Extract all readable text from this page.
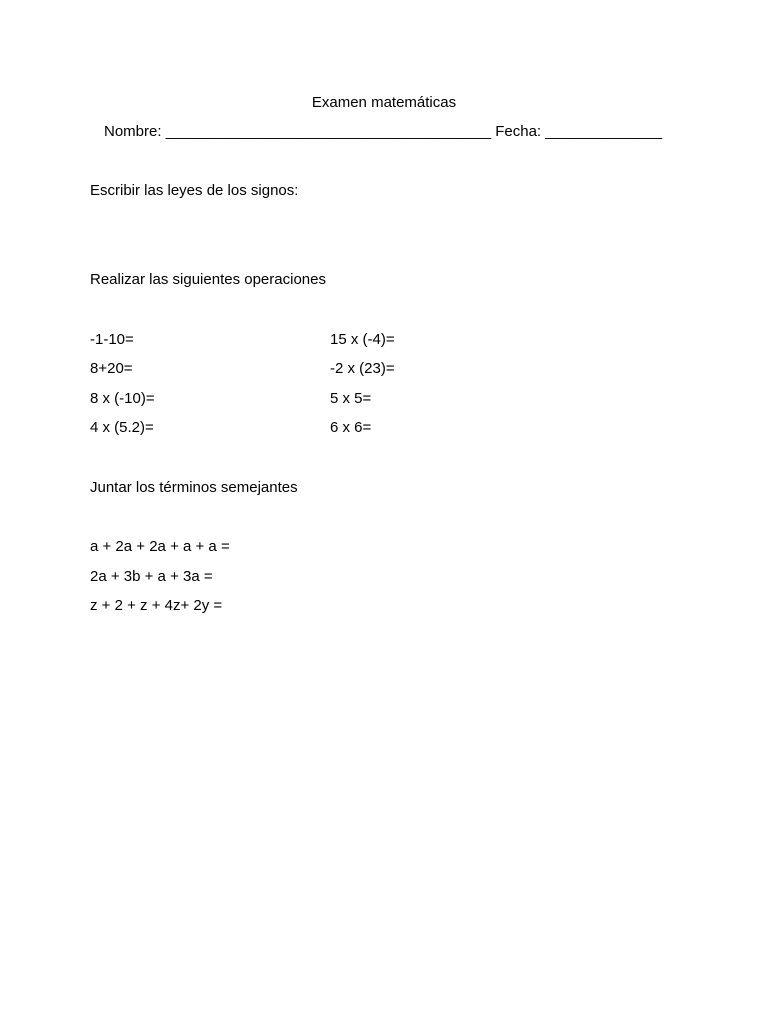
Examen matemáticas
Nombre: _______________________________________ Fecha: ______________
Escribir las leyes de los signos:
Realizar las siguientes operaciones
-1-10=
8+20=
8 x (-10)=
4 x (5.2)=
15 x (-4)=
-2 x (23)=
5 x 5=
6 x 6=
Juntar los términos semejantes
a + 2a + 2a + a + a =
2a + 3b + a + 3a =
z + 2 + z + 4z+ 2y =
